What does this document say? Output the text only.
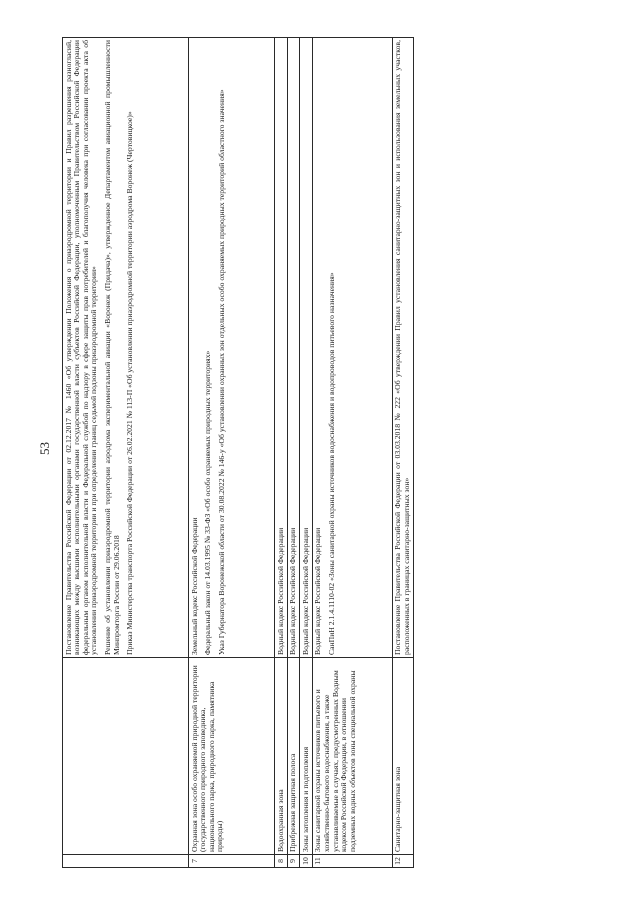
53

		Постановление Правительства Российской Федерации от 02.12.2017 № 1460 «Об утверждении Положения о приаэродромной территории и Правил разрешения разногласий, возникающих между высшими исполнительными органами государственной власти субъектов Российской Федерации, уполномоченным Правительством Российской Федерации федеральным органом исполнительной власти и Федеральной службой по надзору в сфере защиты прав потребителей и благополучия человека при согласовании проекта акта об установлении приаэродромной территории и при определении границ седьмой подзоны приаэродромной территории» Решение об установлении приаэродромной территории аэродрома экспериментальной авиации «Воронеж (Придача)», утвержденное Департаментом авиационной промышленности Минпромторга России от 29.06.2018 Приказ Министерства транспорта Российской Федерации от 26.02.2021 № 113-П «Об установлении приаэродромной территории аэродрома Воронеж (Чертовицкое)»

7	Охранная зона особо охраняемой природной территории (государственного природного заповедника, национального парка, природного парка, памятника природы)	Земельный кодекс Российской Федерации Федеральный закон от 14.03.1995 № 33-ФЗ «Об особо охраняемых природных территориях» Указ Губернатора Воронежской области от 30.08.2022 № 146-у «Об установлении охранных зон отдельных особо охраняемых природных территорий областного значения»

8	Водоохранная зона	Водный кодекс Российской Федерации

9	Прибрежная защитная полоса	Водный кодекс Российской Федерации

10	Зоны затопления и подтопления	Водный кодекс Российской Федерации

11	Зоны санитарной охраны источников питьевого и хозяйственно-бытового водоснабжения, а также устанавливаемые в случаях, предусмотренных Водным кодексом Российской Федерации, в отношении подземных водных объектов зоны специальной охраны	Водный кодекс Российской Федерации СанПиН 2.1.4.1110-02 «Зоны санитарной охраны источников водоснабжения и водопроводов питьевого назначения»

12	Санитарно-защитная зона	Постановление Правительства Российской Федерации от 03.03.2018 № 222 «Об утверждении Правил установления санитарно-защитных зон и использования земельных участков, расположенных в границах санитарно-защитных зон»
